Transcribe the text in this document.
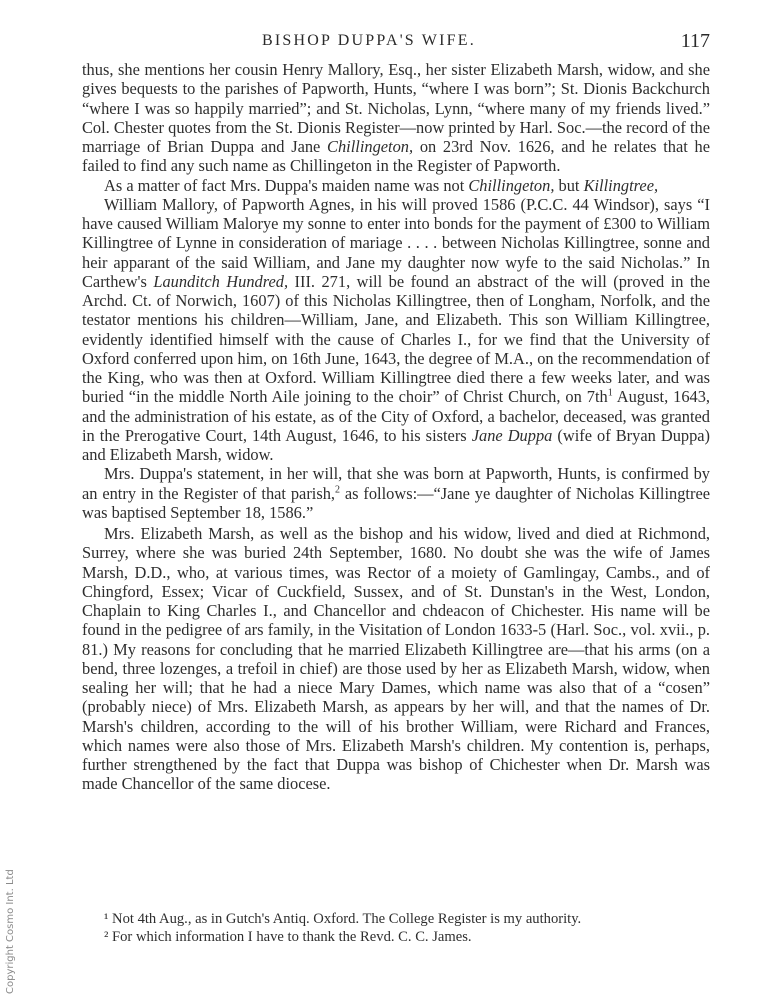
BISHOP DUPPA'S WIFE.	117

thus, she mentions her cousin Henry Mallory, Esq., her sister Elizabeth Marsh, widow, and she gives bequests to the parishes of Papworth, Hunts, “where I was born”; St. Dionis Backchurch “where I was so happily married”; and St. Nicholas, Lynn, “where many of my friends lived.” Col. Chester quotes from the St. Dionis Register—now printed by Harl. Soc.—the record of the marriage of Brian Duppa and Jane Chillingeton, on 23rd Nov. 1626, and he relates that he failed to find any such name as Chillingeton in the Register of Papworth.

As a matter of fact Mrs. Duppa's maiden name was not Chillingeton, but Killingtree,

William Mallory, of Papworth Agnes, in his will proved 1586 (P.C.C. 44 Windsor), says “I have caused William Malorye my sonne to enter into bonds for the payment of £300 to William Killingtree of Lynne in consideration of mariage . . . . between Nicholas Killingtree, sonne and heir apparant of the said William, and Jane my daughter now wyfe to the said Nicholas.” In Carthew's Launditch Hundred, III. 271, will be found an abstract of the will (proved in the Archd. Ct. of Norwich, 1607) of this Nicholas Killingtree, then of Longham, Norfolk, and the testator mentions his children—William, Jane, and Elizabeth. This son William Killingtree, evidently identified himself with the cause of Charles I., for we find that the University of Oxford conferred upon him, on 16th June, 1643, the degree of M.A., on the recommendation of the King, who was then at Oxford. William Killingtree died there a few weeks later, and was buried “in the middle North Aile joining to the choir” of Christ Church, on $7th^1$ August, 1643, and the administration of his estate, as of the City of Oxford, a bachelor, deceased, was granted in the Prerogative Court, 14th August, 1646, to his sisters Jane Duppa (wife of Bryan Duppa) and Elizabeth Marsh, widow.

Mrs. Duppa's statement, in her will, that she was born at Papworth, Hunts, is confirmed by an entry in the Register of that parish,$^2$ as follows:—“Jane ye daughter of Nicholas Killingtree was baptised September 18, 1586.”

Mrs. Elizabeth Marsh, as well as the bishop and his widow, lived and died at Richmond, Surrey, where she was buried 24th September, 1680. No doubt she was the wife of James Marsh, D.D., who, at various times, was Rector of a moiety of Gamlingay, Cambs., and of Chingford, Essex; Vicar of Cuckfield, Sussex, and of St. Dunstan's in the West, London, Chaplain to King Charles I., and Chancellor and chdeacon of Chichester. His name will be found in the pedigree of ars family, in the Visitation of London 1633-5 (Harl. Soc., vol. xvii., p. 81.) My reasons for concluding that he married Elizabeth Killingtree are—that his arms (on a bend, three lozenges, a trefoil in chief) are those used by her as Elizabeth Marsh, widow, when sealing her will; that he had a niece Mary Dames, which name was also that of a “cosen” (probably niece) of Mrs. Elizabeth Marsh, as appears by her will, and that the names of Dr. Marsh's children, according to the will of his brother William, were Richard and Frances, which names were also those of Mrs. Elizabeth Marsh's children. My contention is, perhaps, further strengthened by the fact that Duppa was bishop of Chichester when Dr. Marsh was made Chancellor of the same diocese.

¹ Not 4th Aug., as in Gutch's Antiq. Oxford. The College Register is my authority.

² For which information I have to thank the Revd. C. C. James.

Copyright Cosmo Int. Ltd
